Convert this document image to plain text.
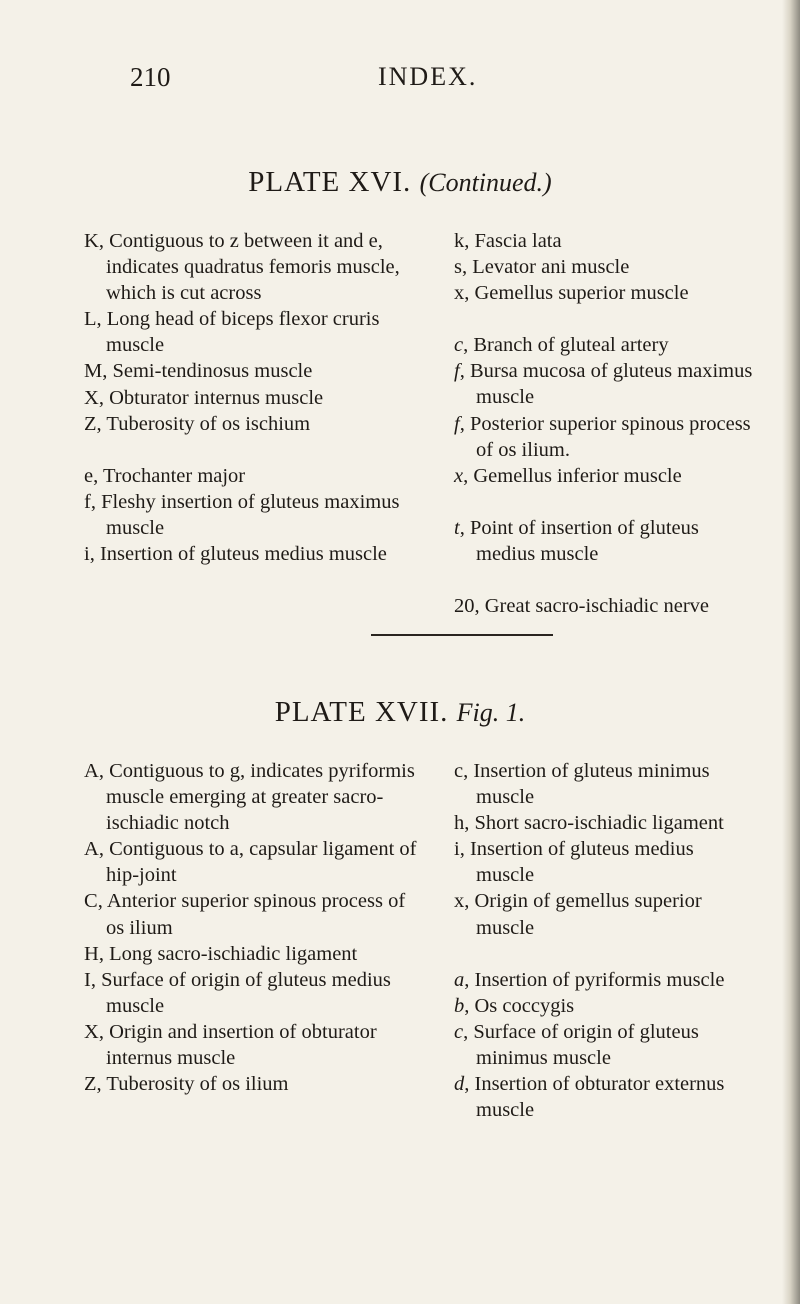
210	INDEX.
PLATE XVI. (Continued.)
K, Contiguous to z between it and e, indicates quadratus femoris muscle, which is cut across
L, Long head of biceps flexor cruris muscle
M, Semi-tendinosus muscle
X, Obturator internus muscle
Z, Tuberosity of os ischium
e, Trochanter major
f, Fleshy insertion of gluteus maximus muscle
i, Insertion of gluteus medius muscle
k, Fascia lata
s, Levator ani muscle
x, Gemellus superior muscle
c, Branch of gluteal artery
f, Bursa mucosa of gluteus maximus muscle
f, Posterior superior spinous process of os ilium.
x, Gemellus inferior muscle
t, Point of insertion of gluteus medius muscle

20, Great sacro-ischiadic nerve
PLATE XVII. Fig. 1.
A, Contiguous to g, indicates pyriformis muscle emerging at greater sacro-ischiadic notch
A, Contiguous to a, capsular ligament of hip-joint
C, Anterior superior spinous process of os ilium
H, Long sacro-ischiadic ligament
I, Surface of origin of gluteus medius muscle
X, Origin and insertion of obturator internus muscle
Z, Tuberosity of os ilium
c, Insertion of gluteus minimus muscle
h, Short sacro-ischiadic ligament
i, Insertion of gluteus medius muscle
x, Origin of gemellus superior muscle
a, Insertion of pyriformis muscle
b, Os coccygis
c, Surface of origin of gluteus minimus muscle
d, Insertion of obturator externus muscle
